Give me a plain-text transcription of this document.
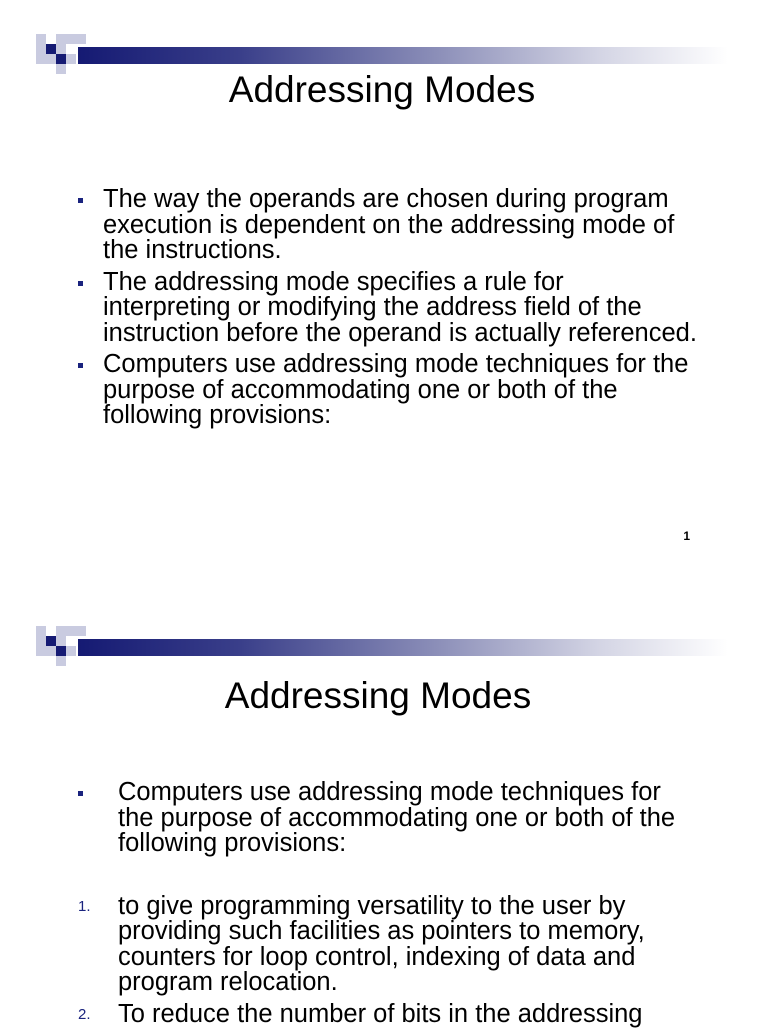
Addressing Modes
The way the operands are chosen during program execution is dependent on the addressing mode of the instructions.
The addressing mode specifies a rule for interpreting or modifying the address field of the instruction before the operand is actually referenced.
Computers use addressing mode techniques for the purpose of accommodating one or both of the following provisions:
1
Addressing Modes
Computers use addressing mode techniques for the purpose of accommodating one or both of the following provisions:
1. to give programming versatility to the user by providing such facilities as pointers to memory, counters for loop control, indexing of data and program relocation.
2. To reduce the number of bits in the addressing
